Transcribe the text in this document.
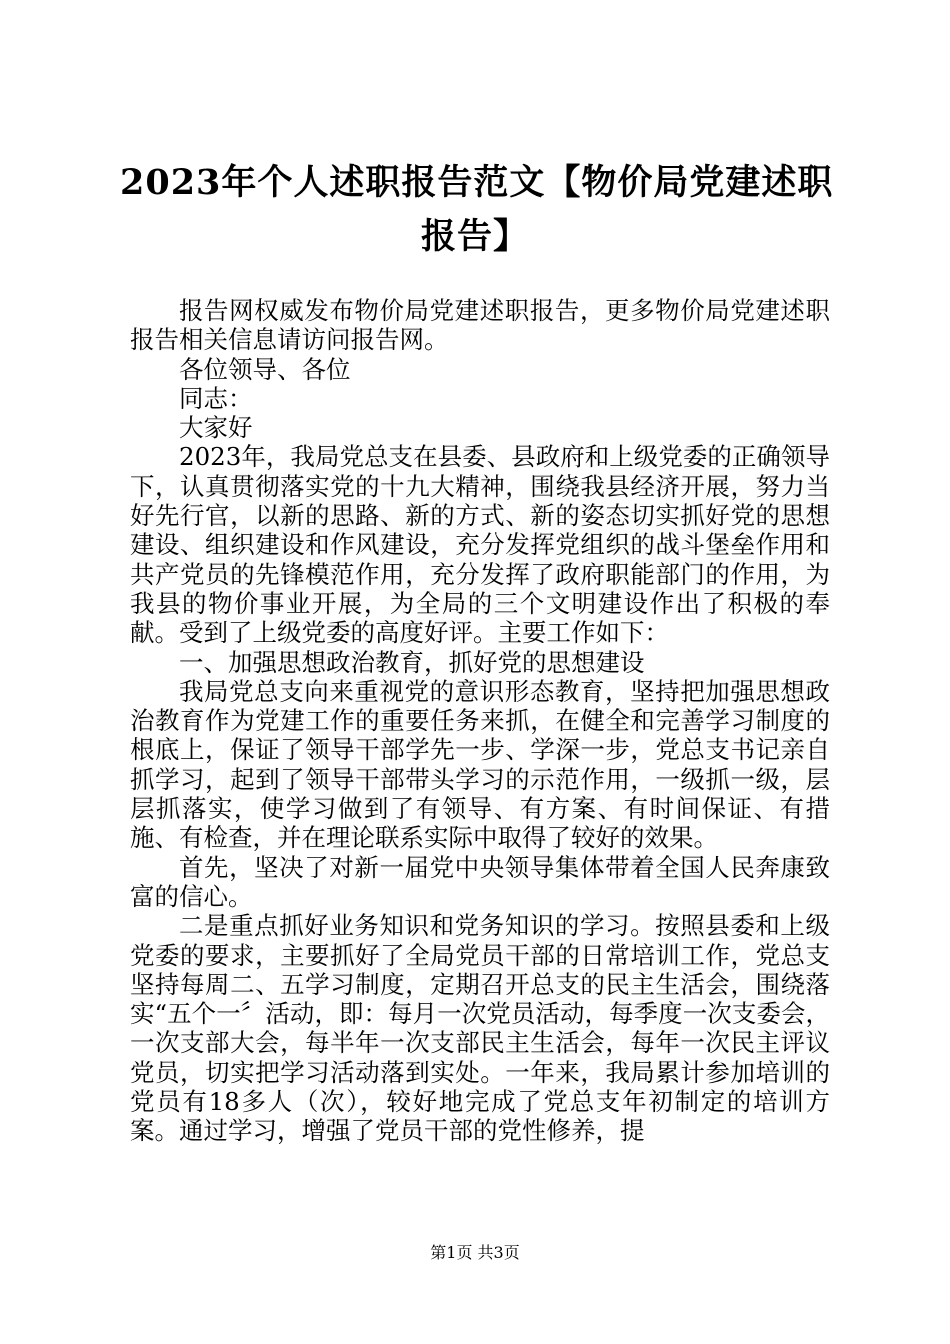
2023年个人述职报告范文【物价局党建述职
报告】

报告网权威发布物价局党建述职报告，更多物价局党建述职报告相关信息请访问报告网。

各位领导、各位

同志：

大家好

2023年，我局党总支在县委、县政府和上级党委的正确领导下，认真贯彻落实党的十九大精神，围绕我县经济开展，努力当好先行官，以新的思路、新的方式、新的姿态切实抓好党的思想建设、组织建设和作风建设，充分发挥党组织的战斗堡垒作用和共产党员的先锋模范作用，充分发挥了政府职能部门的作用，为我县的物价事业开展，为全局的三个文明建设作出了积极的奉献。受到了上级党委的高度好评。主要工作如下：

一、加强思想政治教育，抓好党的思想建设

我局党总支向来重视党的意识形态教育，坚持把加强思想政治教育作为党建工作的重要任务来抓，在健全和完善学习制度的根底上，保证了领导干部学先一步、学深一步，党总支书记亲自抓学习，起到了领导干部带头学习的示范作用，一级抓一级，层层抓落实，使学习做到了有领导、有方案、有时间保证、有措施、有检查，并在理论联系实际中取得了较好的效果。

首先，坚决了对新一届党中央领导集体带着全国人民奔康致富的信心。

二是重点抓好业务知识和党务知识的学习。按照县委和上级党委的要求，主要抓好了全局党员干部的日常培训工作，党总支坚持每周二、五学习制度，定期召开总支的民主生活会，围绕落实“五个一〞活动，即：每月一次党员活动，每季度一次支委会，一次支部大会，每半年一次支部民主生活会，每年一次民主评议党员，切实把学习活动落到实处。一年来，我局累计参加培训的党员有18多人（次），较好地完成了党总支年初制定的培训方案。通过学习，增强了党员干部的党性修养，提

第1页 共3页
